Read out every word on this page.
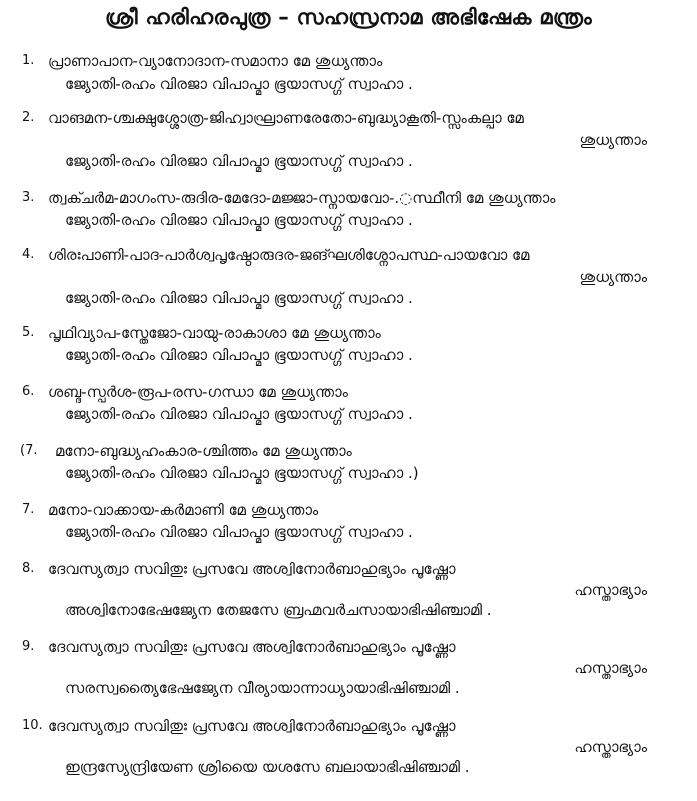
ശ്രീ ഹരിഹരപുത്ര – സഹസ്രനാമ അഭിഷേക മന്ത്രം
1. പ്രാണാപാന-വ്യാനോദാന-സമാനാ മേ ശുധ്യന്താം
ജ്യോതി-രഹം വിരജാ വിപാപ്മാ ഭൂയാസഗ്ഗ് സ്വാഹാ .
2. വാങമന-ശ്ചക്ഷുശ്ശ്രോത്ര-ജിഹ്വാഘ്രാണരേതോ-ബുദ്ധ്യാകൂതി-സ്സംകല്പാ മേ
ശുധ്യന്താം
ജ്യോതി-രഹം വിരജാ വിപാപ്മാ ഭൂയാസഗ്ഗ് സ്വാഹാ .
3. ത്വക്ചർമ-മാഗംസ-രുദിര-മേദോ-മജ്ജാ-സ്നായവോ-.◌സ്ഥീനി മേ ശുധ്യന്താം
ജ്യോതി-രഹം വിരജാ വിപാപ്മാ ഭൂയാസഗ്ഗ് സ്വാഹാ .
4. ശിരഃപാണി-പാദ-പാർശ്വപൃഷ്ഠോരുദര-ജങ്ഘശിശ്നോപസ്ഥ-പായവോ മേ
ശുധ്യന്താം
ജ്യോതി-രഹം വിരജാ വിപാപ്മാ ഭൂയാസഗ്ഗ് സ്വാഹാ .
5. പൃഥിവ്യാപ-സ്തേജോ-വായു-രാകാശാ മേ ശുധ്യന്താം
ജ്യോതി-രഹം വിരജാ വിപാപ്മാ ഭൂയാസഗ്ഗ് സ്വാഹാ .
6. ശബ്ദ-സ്പർശ-രൂപ-രസ-ഗന്ധാ മേ ശുധ്യന്താം
ജ്യോതി-രഹം വിരജാ വിപാപ്മാ ഭൂയാസഗ്ഗ് സ്വാഹാ .
(7. മനോ-ബുദ്ധ്യഹംകാര-ശ്ചിത്തം മേ ശുധ്യന്താം
ജ്യോതി-രഹം വിരജാ വിപാപ്മാ ഭൂയാസഗ്ഗ് സ്വാഹാ .)
7. മനോ-വാക്കായ-കർമാണി മേ ശുധ്യന്താം
ജ്യോതി-രഹം വിരജാ വിപാപ്മാ ഭൂയാസഗ്ഗ് സ്വാഹാ .
8. ദേവസ്യത്വാ സവിതുഃ പ്രസവേ അശ്വിനോർബാഹുഭ്യാം പൂഷ്ണോ
ഹസ്താഭ്യാം
അശ്വിനോഭേഷജ്യേന തേജസേ ബ്രഹ്മവർചസായാഭിഷിഞ്ചാമി .
9. ദേവസ്യത്വാ സവിതുഃ പ്രസവേ അശ്വിനോർബാഹുഭ്യാം പൂഷ്ണോ
ഹസ്താഭ്യാം
സരസ്വത്യൈഭേഷജ്യേന വീര്യായാന്നാധ്യായാഭിഷിഞ്ചാമി .
10. ദേവസ്യത്വാ സവിതുഃ പ്രസവേ അശ്വിനോർബാഹുഭ്യാം പൂഷ്ണോ
ഹസ്താഭ്യാം
ഇന്ദ്രസ്യേന്ദ്രിയേണ ശ്രിയൈ യശസേ ബലായാഭിഷിഞ്ചാമി .
